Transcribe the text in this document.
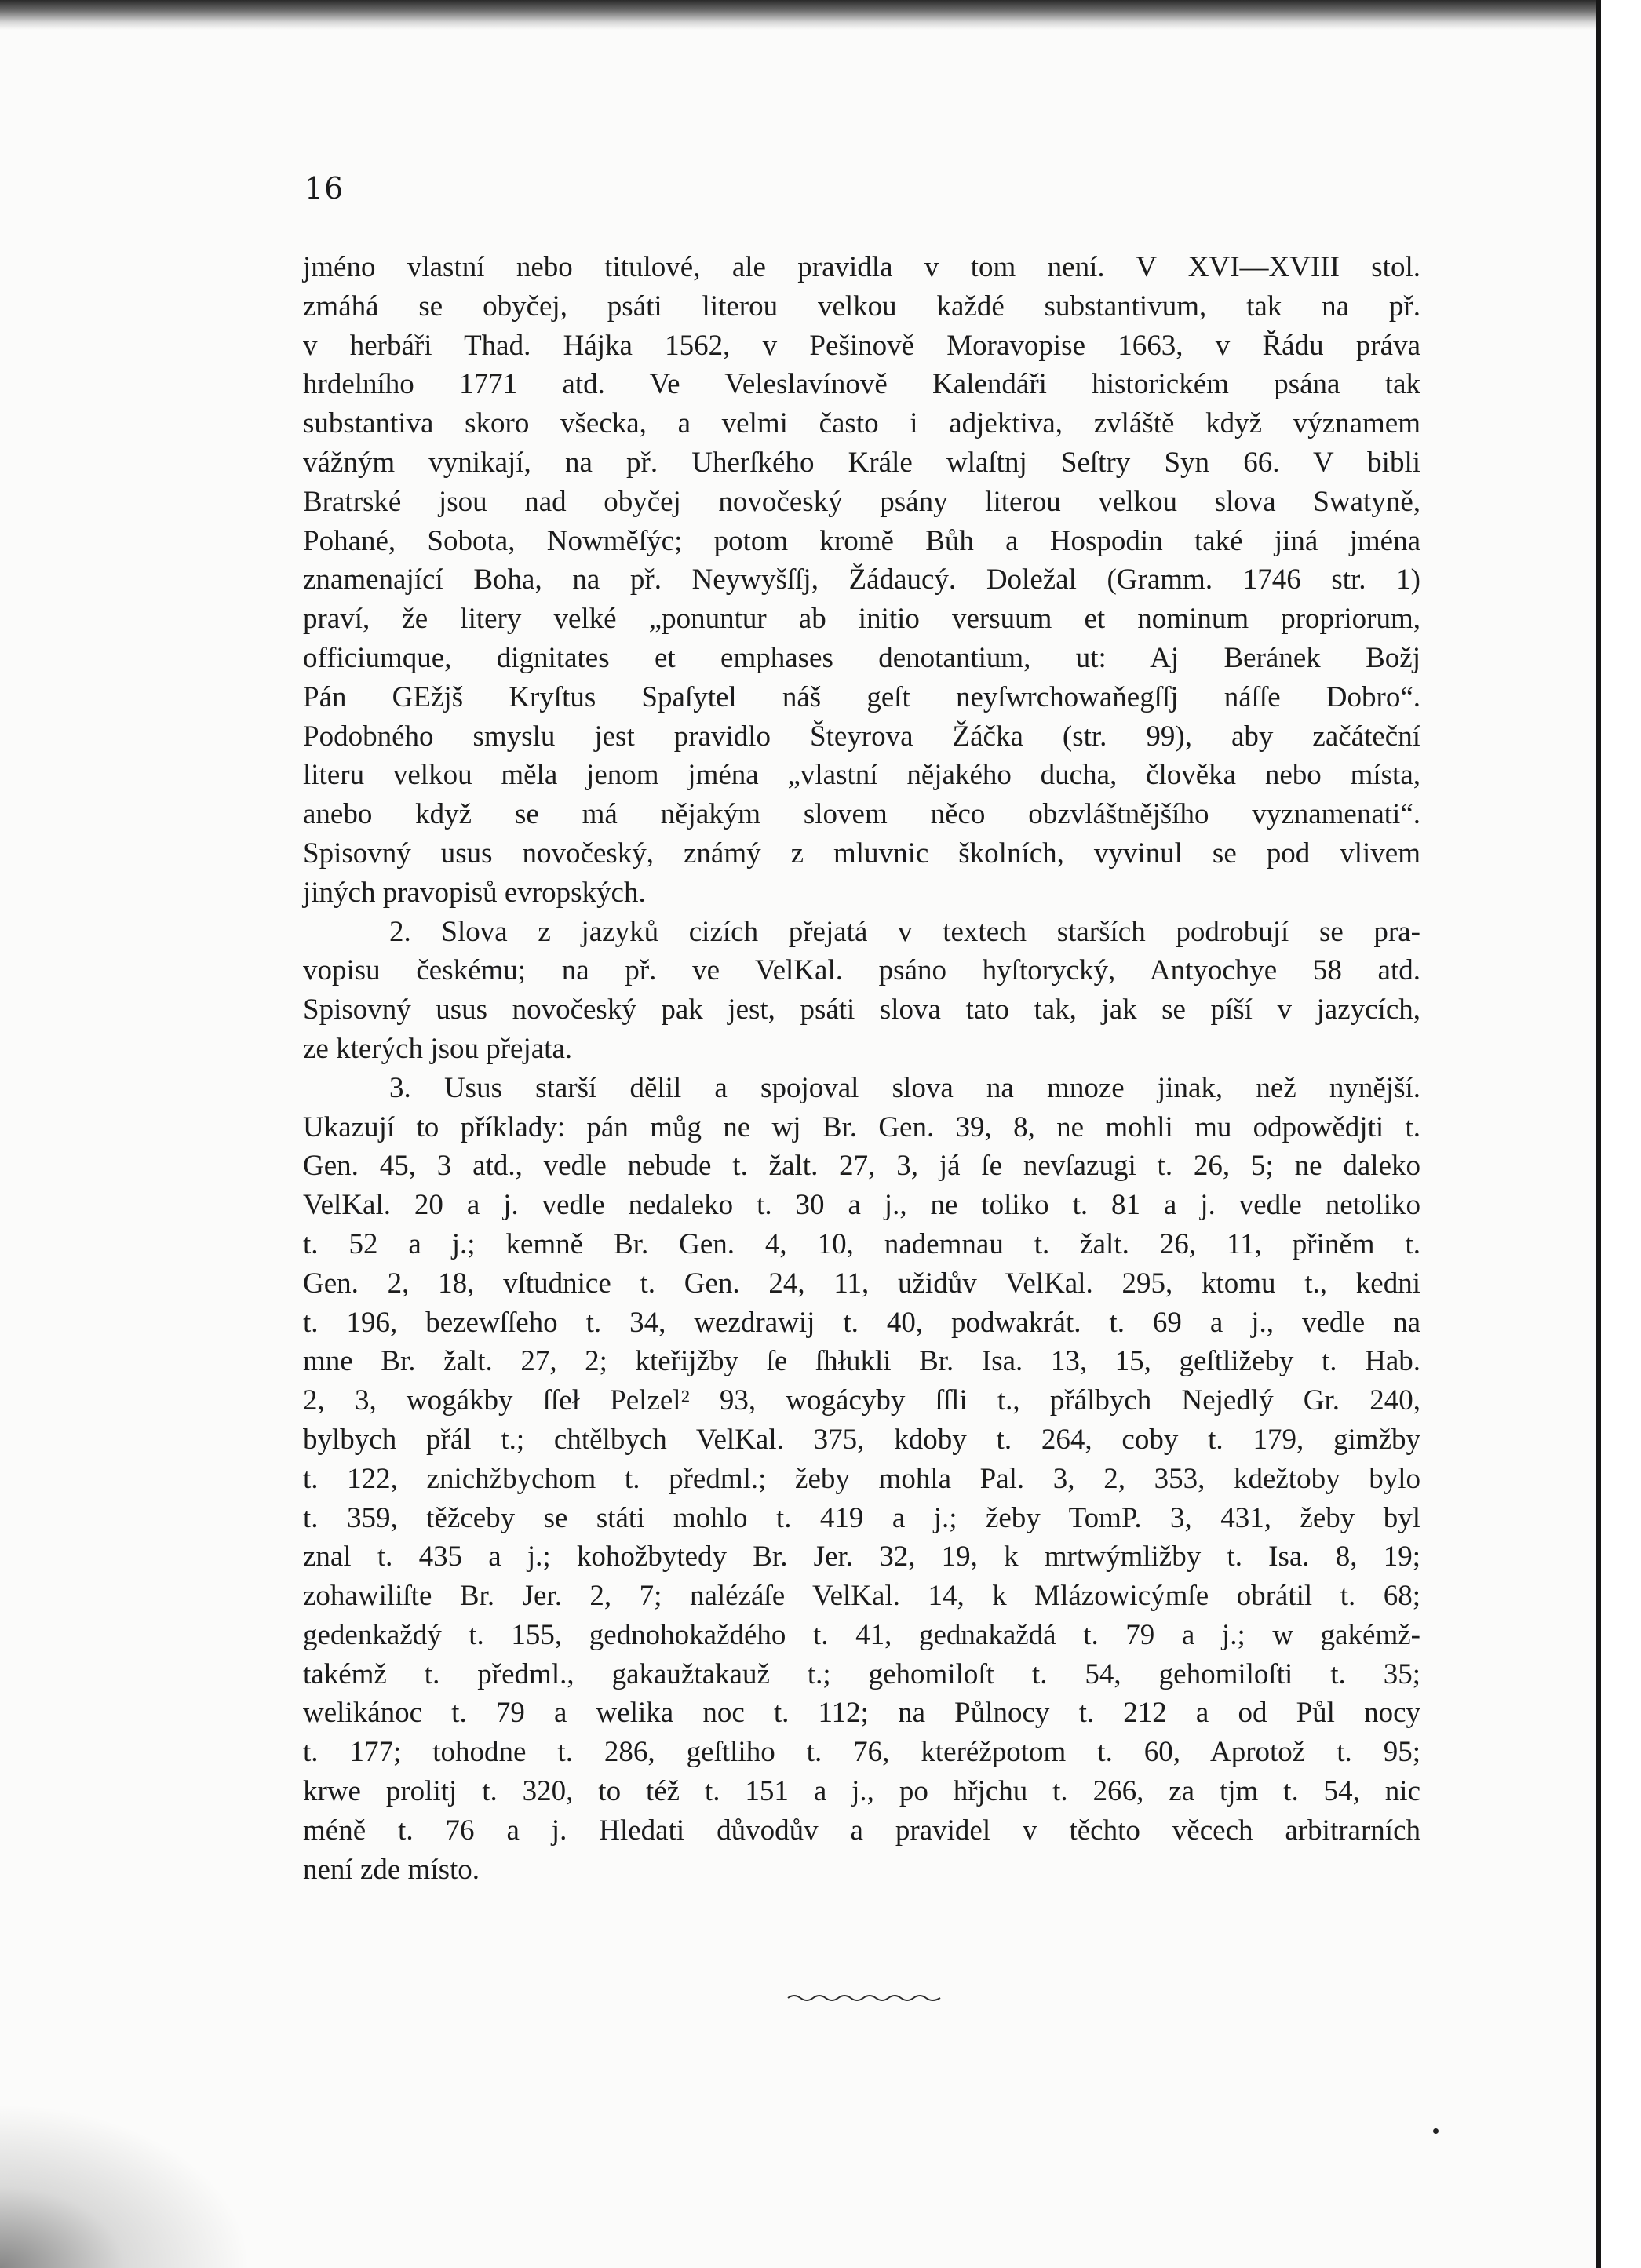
16
jméno vlastní nebo titulové, ale pravidla v tom není. V XVI—XVIII stol.
zmáhá se obyčej, psáti literou velkou každé substantivum, tak na př.
v herbáři Thad. Hájka 1562, v Pešinově Moravopise 1663, v Řádu práva
hrdelního 1771 atd. Ve Veleslavínově Kalendáři historickém psána tak
substantiva skoro všecka, a velmi často i adjektiva, zvláště když významem
vážným vynikají, na př. Uherſkého Krále wlaſtnj Seſtry Syn 66. V bibli
Bratrské jsou nad obyčej novočeský psány literou velkou slova Swatyně,
Pohané, Sobota, Nowměſýc; potom kromě Bůh a Hospodin také jiná jména
znamenající Boha, na př. Neywyšſſj, Žádaucý. Doležal (Gramm. 1746 str. 1)
praví, že litery velké „ponuntur ab initio versuum et nominum propriorum,
officiumque, dignitates et emphases denotantium, ut: Aj Beránek Božj
Pán GEžjš Kryſtus Spaſytel náš geſt neyſwrchowaňegſſj náſſe Dobro“.
Podobného smyslu jest pravidlo Šteyrova Žáčka (str. 99), aby začáteční
literu velkou měla jenom jména „vlastní nějakého ducha, člověka nebo místa,
anebo když se má nějakým slovem něco obzvláštnějšího vyznamenati“.
Spisovný usus novočeský, známý z mluvnic školních, vyvinul se pod vlivem
jiných pravopisů evropských.
2. Slova z jazyků cizích přejatá v textech starších podrobují se pra-
vopisu českému; na př. ve VelKal. psáno hyſtorycký, Antyochye 58 atd.
Spisovný usus novočeský pak jest, psáti slova tato tak, jak se píší v jazycích,
ze kterých jsou přejata.
3. Usus starší dělil a spojoval slova na mnoze jinak, než nynější.
Ukazují to příklady: pán můg ne wj Br. Gen. 39, 8, ne mohli mu odpowědjti t.
Gen. 45, 3 atd., vedle nebude t. žalt. 27, 3, já ſe nevſazugi t. 26, 5; ne daleko
VelKal. 20 a j. vedle nedaleko t. 30 a j., ne toliko t. 81 a j. vedle netoliko
t. 52 a j.; kemně Br. Gen. 4, 10, nademnau t. žalt. 26, 11, přiněm t.
Gen. 2, 18, vſtudnice t. Gen. 24, 11, užidův VelKal. 295, ktomu t., kedni
t. 196, bezewſſeho t. 34, wezdrawij t. 40, podwakrát. t. 69 a j., vedle na
mne Br. žalt. 27, 2; kteřijžby ſe ſhłukli Br. Isa. 13, 15, geſtližeby t. Hab.
2, 3, wogákby ſſeł Pelzel² 93, wogácyby ſſli t., přálbych Nejedlý Gr. 240,
bylbych přál t.; chtělbych VelKal. 375, kdoby t. 264, coby t. 179, gimžby
t. 122, znichžbychom t. předml.; žeby mohla Pal. 3, 2, 353, kdežtoby bylo
t. 359, těžceby se státi mohlo t. 419 a j.; žeby TomP. 3, 431, žeby byl
znal t. 435 a j.; kohožbytedy Br. Jer. 32, 19, k mrtwýmližby t. Isa. 8, 19;
zohawiliſte Br. Jer. 2, 7; nalézáſe VelKal. 14, k Mlázowicýmſe obrátil t. 68;
gedenkaždý t. 155, gednohokaždého t. 41, gednakaždá t. 79 a j.; w gakémž-
takémž t. předml., gakaužtakauž t.; gehomiloſt t. 54, gehomiloſti t. 35;
welikánoc t. 79 a welika noc t. 112; na Půlnocy t. 212 a od Půl nocy
t. 177; tohodne t. 286, geſtliho t. 76, kteréžpotom t. 60, Aprotož t. 95;
krwe prolitj t. 320, to též t. 151 a j., po hřjchu t. 266, za tjm t. 54, nic
méně t. 76 a j. Hledati důvodův a pravidel v těchto věcech arbitrarních
není zde místo.
